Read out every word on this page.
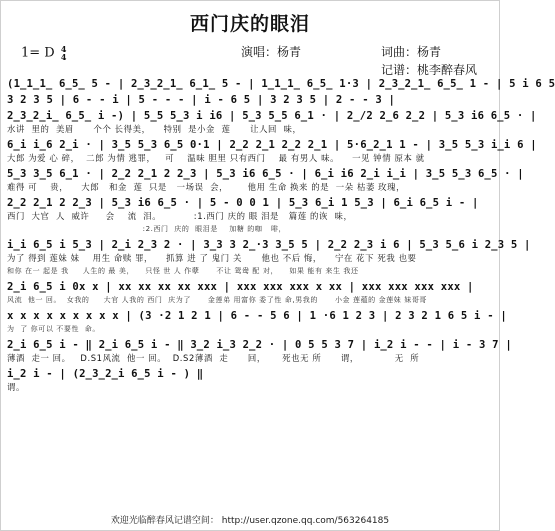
西门庆的眼泪
1= D 4
4	演唱：杨青	词曲：杨青
记谱：桃李醉春风
(1̲1̲1̲ 6̲5̲ 5 - | 2̲3̲2̲1̲ 6̲1̲ 5 - | 1̲1̲1̲ 6̲5̲ 1·3 | 2̲3̲2̲1̲ 6̲5̲ 1 - | 5 i 6 5
3 2 3 5 | 6 - - i | 5 - - - | i - 6 5 | 3 2 3 5 | 2 - - 3 |
2̲3̲2̲i̲ 6̲5̲ i -) | 5̲5 5̲3 i i6 | 5̲3 5̲5 6̲1 · | 2̲/2 2̲6 2̲2 | 5̲3 i6 6̲5 · |
水讲  里的  美眉      个个 长得美，    特别  是小金  莲      让人回  味，
6̲i i̲6 2̲i · | 3̲5 5̲3 6̲5 0·1 | 2̲2 2̲1 2̲2 2̲1 | 5·6̲2̲1 1 - | 3̲5 5̲3 i̲i 6 |
大郎 为爱 心 碎，  二郎 为情 逃罪，   可    温味 胆里 只有西门    最 有男人 味。    一见 钟情 原本 就
5̲3 3̲5 6̲1 · | 2̲2 2̲1 2 2̲3 | 5̲3 i6 6̲5 · | 6̲i i6 2̲i i̲i | 3̲5 5̲3 6̲5 · |
难得 可    贵，    大郎   和金  莲  只是   一场误  会，      他用 生命 换来 的是  一朵 枯萎 玫瑰，
2̲2 2̲1 2 2̲3 | 5̲3 i6 6̲5 · | 5 - 0 0 1 | 5̲3 6̲i 1 5̲3 | 6̲i 6̲5 i - |
西门  大官  人  威许     会    流  泪。          ꞉1.西门 庆的 眼 泪是   篇莲 的诙  味，
꞉2.西门  庆的  眼泪是    加糖 的咖   啡，
i̲i 6̲5 i 5̲3 | 2̲i 2̲3 2 · | 3̲3 3 2̲·3 3̲5 5 | 2̲2 2̲3 i 6 | 5̲3 5̲6 i 2̲3 5 |
为了 得到 莲妹 妹    用生 命赎 罪，    抓算 进 了 鬼门 关      他也 不后 悔，    宁在 花下 死我 也要
和你 在一 起是 我     人生的 最 美，    只怪 世 人 作孽      不让 鸳鸯 配 对，    如果 能有 来生 我还
2̲i 6̲5 i 0x x | xx xx xx xx xxx | xxx xxx xxx x xx | xxx xxx xxx xxx |
风流  他一 回。  女我的     大官 人我的 西门  庆为了      金莲弟 用富你 委了性 命,男我的      小金 莲蕴的 金莲妹 妹哥哥
x x x x x x x x x | (3 ·2 1 2 1 | 6 - - 5 6 | 1 ·6 1 2 3 | 2 3 2 1 6 5 i - |
为  了 你可以 不要性  命。
2̲i 6̲5 i - ‖ 2̲i 6̲5 i - ‖ 3̲2 i̲3 2̲2 · | 0 5 5 3 7 | i̲2 i - - | i - 3 7 |
薄酒  走一 回。   D.S1风流  他一 回。  D.S2薄酒  走      回，     死也无 所      谓，           无  所
i̲2 i - | (2̲3̲2̲i 6̲5 i - ) ‖
谓。
欢迎光临醉春风记谱空间： http://user.qzone.qq.com/563264185
